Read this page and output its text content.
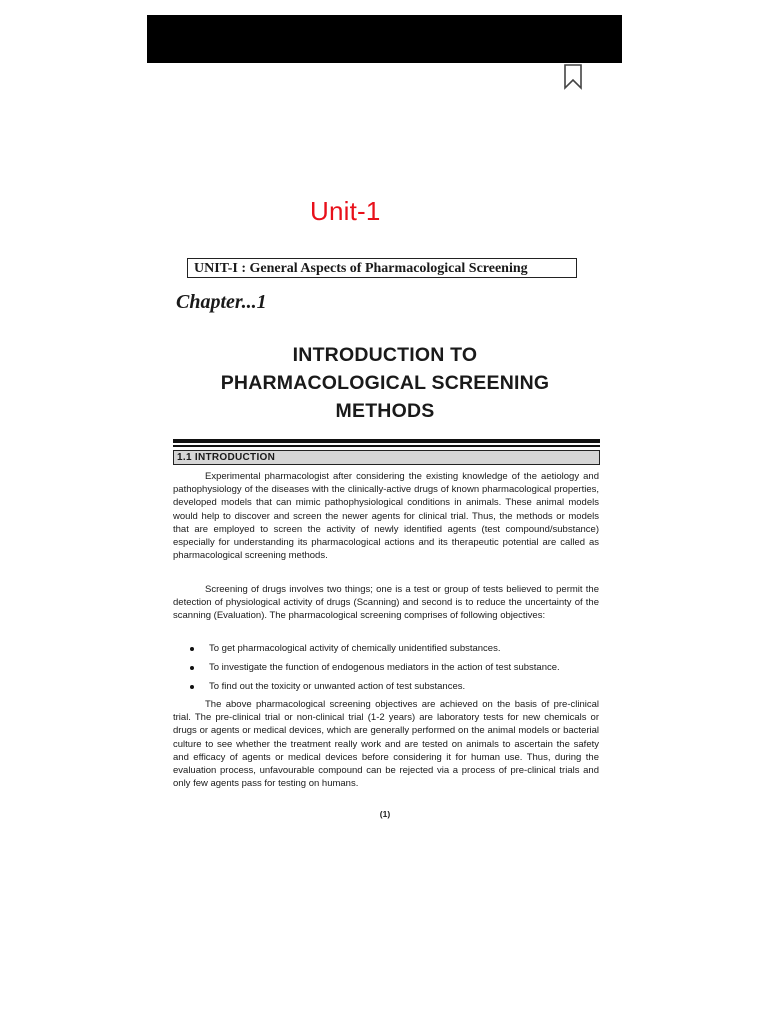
Unit-1
UNIT-I : General Aspects of Pharmacological Screening
Chapter...1
INTRODUCTION TO
PHARMACOLOGICAL SCREENING
METHODS
1.1 INTRODUCTION

Experimental pharmacologist after considering the existing knowledge of the aetiology and pathophysiology of the diseases with the clinically-active drugs of known pharmacological properties, developed models that can mimic pathophysiological conditions in animals. These animal models would help to discover and screen the newer agents for clinical trial. Thus, the methods or models that are employed to screen the activity of newly identified agents (test compound/substance) especially for understanding its pharmacological actions and its therapeutic potential are called as pharmacological screening methods.

Screening of drugs involves two things; one is a test or group of tests believed to permit the detection of physiological activity of drugs (Scanning) and second is to reduce the uncertainty of the scanning (Evaluation). The pharmacological screening comprises of following objectives:

To get pharmacological activity of chemically unidentified substances.
To investigate the function of endogenous mediators in the action of test substance.
To find out the toxicity or unwanted action of test substances.

The above pharmacological screening objectives are achieved on the basis of pre-clinical trial. The pre-clinical trial or non-clinical trial (1-2 years) are laboratory tests for new chemicals or drugs or agents or medical devices, which are generally performed on the animal models or bacterial culture to see whether the treatment really work and are tested on animals to ascertain the safety and efficacy of agents or medical devices before considering it for human use. Thus, during the evaluation process, unfavourable compound can be rejected via a process of pre-clinical trials and only few agents pass for testing on humans.

(1)
